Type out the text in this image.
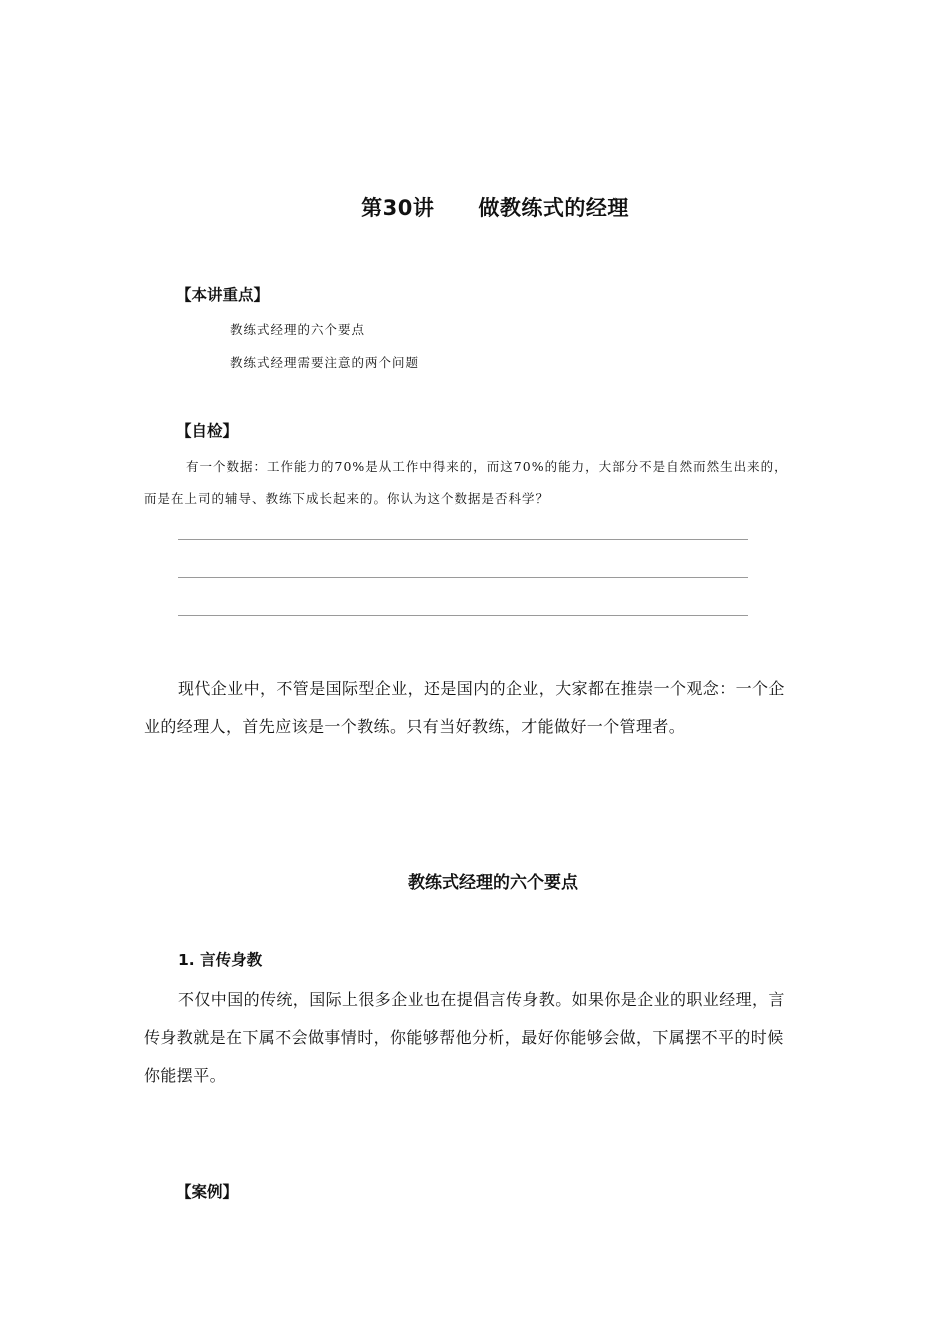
第30讲 做教练式的经理
【本讲重点】
教练式经理的六个要点
教练式经理需要注意的两个问题
【自检】
有一个数据：工作能力的70%是从工作中得来的，而这70%的能力，大部分不是自然而然生出来的，
而是在上司的辅导、教练下成长起来的。你认为这个数据是否科学？
现代企业中，不管是国际型企业，还是国内的企业，大家都在推崇一个观念：一个企
业的经理人，首先应该是一个教练。只有当好教练，才能做好一个管理者。
教练式经理的六个要点
1. 言传身教
不仅中国的传统，国际上很多企业也在提倡言传身教。如果你是企业的职业经理，言
传身教就是在下属不会做事情时，你能够帮他分析，最好你能够会做，下属摆不平的时候
你能摆平。
【案例】
